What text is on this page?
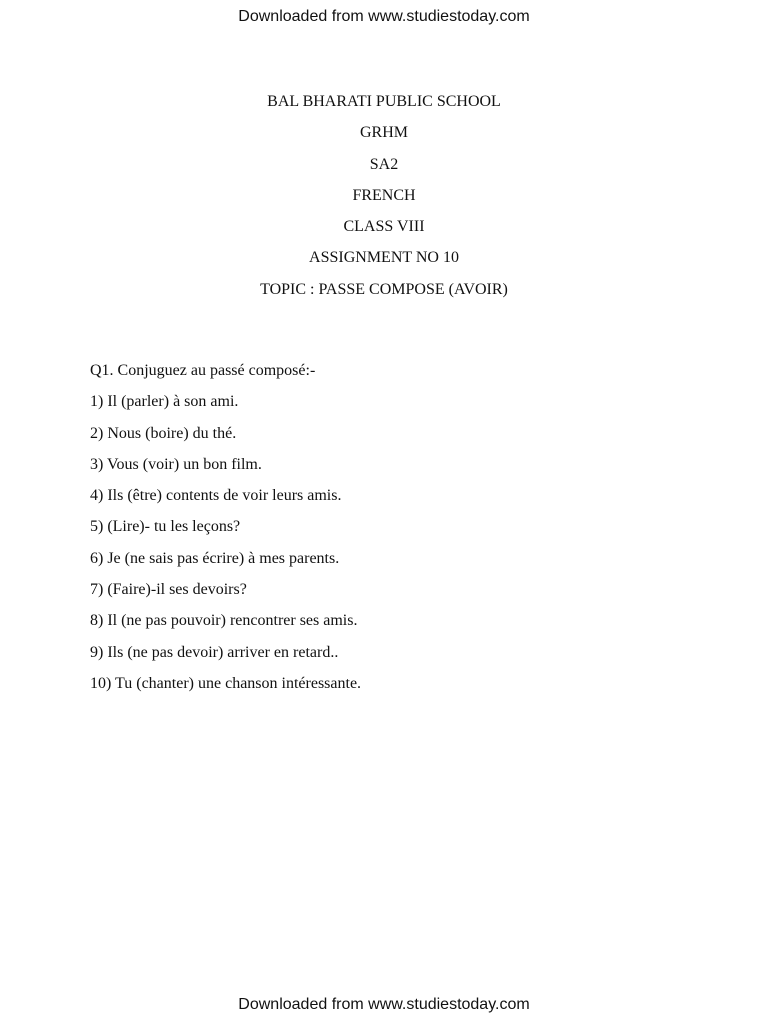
Downloaded from www.studiestoday.com
BAL BHARATI PUBLIC SCHOOL
GRHM
SA2
FRENCH
CLASS VIII
ASSIGNMENT NO 10
TOPIC : PASSE COMPOSE (AVOIR)
Q1. Conjuguez au passé composé:-
1) Il (parler) à son ami.
2) Nous (boire) du thé.
3) Vous (voir) un bon film.
4) Ils (être) contents de voir leurs amis.
5) (Lire)- tu les leçons?
6) Je (ne sais pas écrire) à mes parents.
7) (Faire)-il ses devoirs?
8) Il (ne pas pouvoir) rencontrer ses amis.
9) Ils (ne pas devoir) arriver en retard..
10) Tu (chanter) une chanson intéressante.
Downloaded from www.studiestoday.com
